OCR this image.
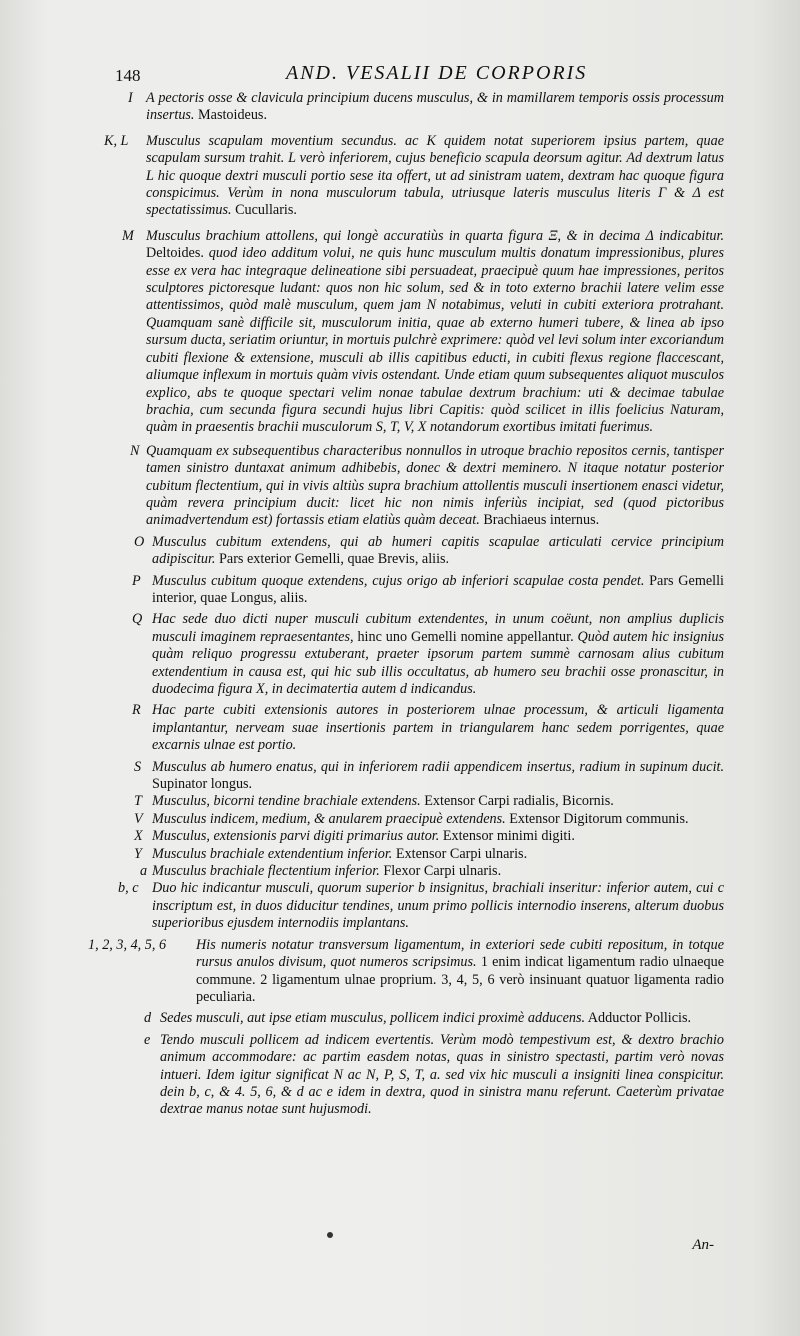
148	AND. VESALII DE CORPORIS
I A pectoris osse & clavicula principium ducens musculus, & in mamillarem temporis ossis processum insertus. Mastoideus.
K, L Musculus scapulam moventium secundus. ac K quidem notat superiorem ipsius partem, quae scapulam sursum trahit. L verò inferiorem, cujus beneficio scapula deorsum agitur. Ad dextrum latus L hic quoque dextri musculi portio sese ita offert, ut ad sinistram uatem, dextram hac quoque figura conspicimus. Verùm in nona musculorum tabula, utriusque lateris musculus literis Γ & Δ est spectatissimus. Cucullaris.
M Musculus brachium attollens, qui longè accuratiùs in quarta figura Ξ, & in decima Δ indicabitur. Deltoides. quod ideo additum volui, ne quis hunc musculum multis donatum impressionibus, plures esse ex vera hac integraque delineatione sibi persuadeat, praecipuè quum hae impressiones, peritos sculptores pictoresque ludant: quos non hic solum, sed & in toto externo brachii latere velim esse attentissimos, quòd malè musculum, quem jam N notabimus, veluti in cubiti exteriora protrahant. Quamquam sanè difficile sit, musculorum initia, quae ab externo humeri tubere, & linea ab ipso sursum ducta, seriatim oriuntur, in mortuis pulchrè exprimere: quòd vel levi solum inter excoriandum cubiti flexione & extensione, musculi ab illis capitibus educti, in cubiti flexus regione flaccescant, aliumque inflexum in mortuis quàm vivis ostendant. Unde etiam quum subsequentes aliquot musculos explico, abs te quoque spectari velim nonae tabulae dextrum brachium: uti & decimae tabulae brachia, cum secunda figura secundi hujus libri Capitis: quòd scilicet in illis foelicius Naturam, quàm in praesentis brachii musculorum S, T, V, X notandorum exortibus imitati fuerimus.
N Quamquam ex subsequentibus characteribus nonnullos in utroque brachio repositos cernis, tantisper tamen sinistro duntaxat animum adhibebis, donec & dextri meminero. N itaque notatur posterior cubitum flectentium, qui in vivis altiùs supra brachium attollentis musculi insertionem enasci videtur, quàm revera principium ducit: licet hic non nimis inferiùs incipiat, sed (quod pictoribus animadvertendum est) fortassis etiam elatiùs quàm deceat. Brachiaeus internus.
O Musculus cubitum extendens, qui ab humeri capitis scapulae articulati cervice principium adipiscitur. Pars exterior Gemelli, quae Brevis, aliis.
P Musculus cubitum quoque extendens, cujus origo ab inferiori scapulae costa pendet. Pars Gemelli interior, quae Longus, aliis.
Q Hac sede duo dicti nuper musculi cubitum extendentes, in unum coëunt, non amplius duplicis musculi imaginem repraesentantes, hinc uno Gemelli nomine appellantur. Quòd autem hic insignius quàm reliquo progressu extuberant, praeter ipsorum partem summè carnosam alius cubitum extendentium in causa est, qui hic sub illis occultatus, ab humero seu brachii osse pronascitur, in duodecima figura X, in decimatertia autem d indicandus.
R Hac parte cubiti extensionis autores in posteriorem ulnae processum, & articuli ligamenta implantantur, nerveam suae insertionis partem in triangularem hanc sedem porrigentes, quae excarnis ulnae est portio.
S Musculus ab humero enatus, qui in inferiorem radii appendicem insertus, radium in supinum ducit. Supinator longus.
T Musculus, bicorni tendine brachiale extendens. Extensor Carpi radialis, Bicornis.
V Musculus indicem, medium, & anularem praecipuè extendens. Extensor Digitorum communis.
X Musculus, extensionis parvi digiti primarius autor. Extensor minimi digiti.
Y Musculus brachiale extendentium inferior. Extensor Carpi ulnaris.
a Musculus brachiale flectentium inferior. Flexor Carpi ulnaris.
b, c Duo hic indicantur musculi, quorum superior b insignitus, brachiali inseritur: inferior autem, cui c inscriptum est, in duos diducitur tendines, unum primo pollicis internodio inserens, alterum duobus superioribus ejusdem internodiis implantans.
1, 2, 3, 4, 5, 6 His numeris notatur transversum ligamentum, in exteriori sede cubiti repositum, in totque rursus anulos divisum, quot numeros scripsimus. 1 enim indicat ligamentum radio ulnaeque commune. 2 ligamentum ulnae proprium. 3, 4, 5, 6 verò insinuant quatuor ligamenta radio peculiaria.
d Sedes musculi, aut ipse etiam musculus, pollicem indici proximè adducens. Adductor Pollicis.
e Tendo musculi pollicem ad indicem evertentis. Verùm modò tempestivum est, & dextro brachio animum accommodare: ac partim easdem notas, quas in sinistro spectasti, partim verò novas intueri. Idem igitur significat N ac N, P, S, T, a. sed vix hic musculi a insigniti linea conspicitur. dein b, c, & 4. 5, 6, & d ac e idem in dextra, quod in sinistra manu referunt. Caeterùm privatae dextrae manus notae sunt hujusmodi.
An-
